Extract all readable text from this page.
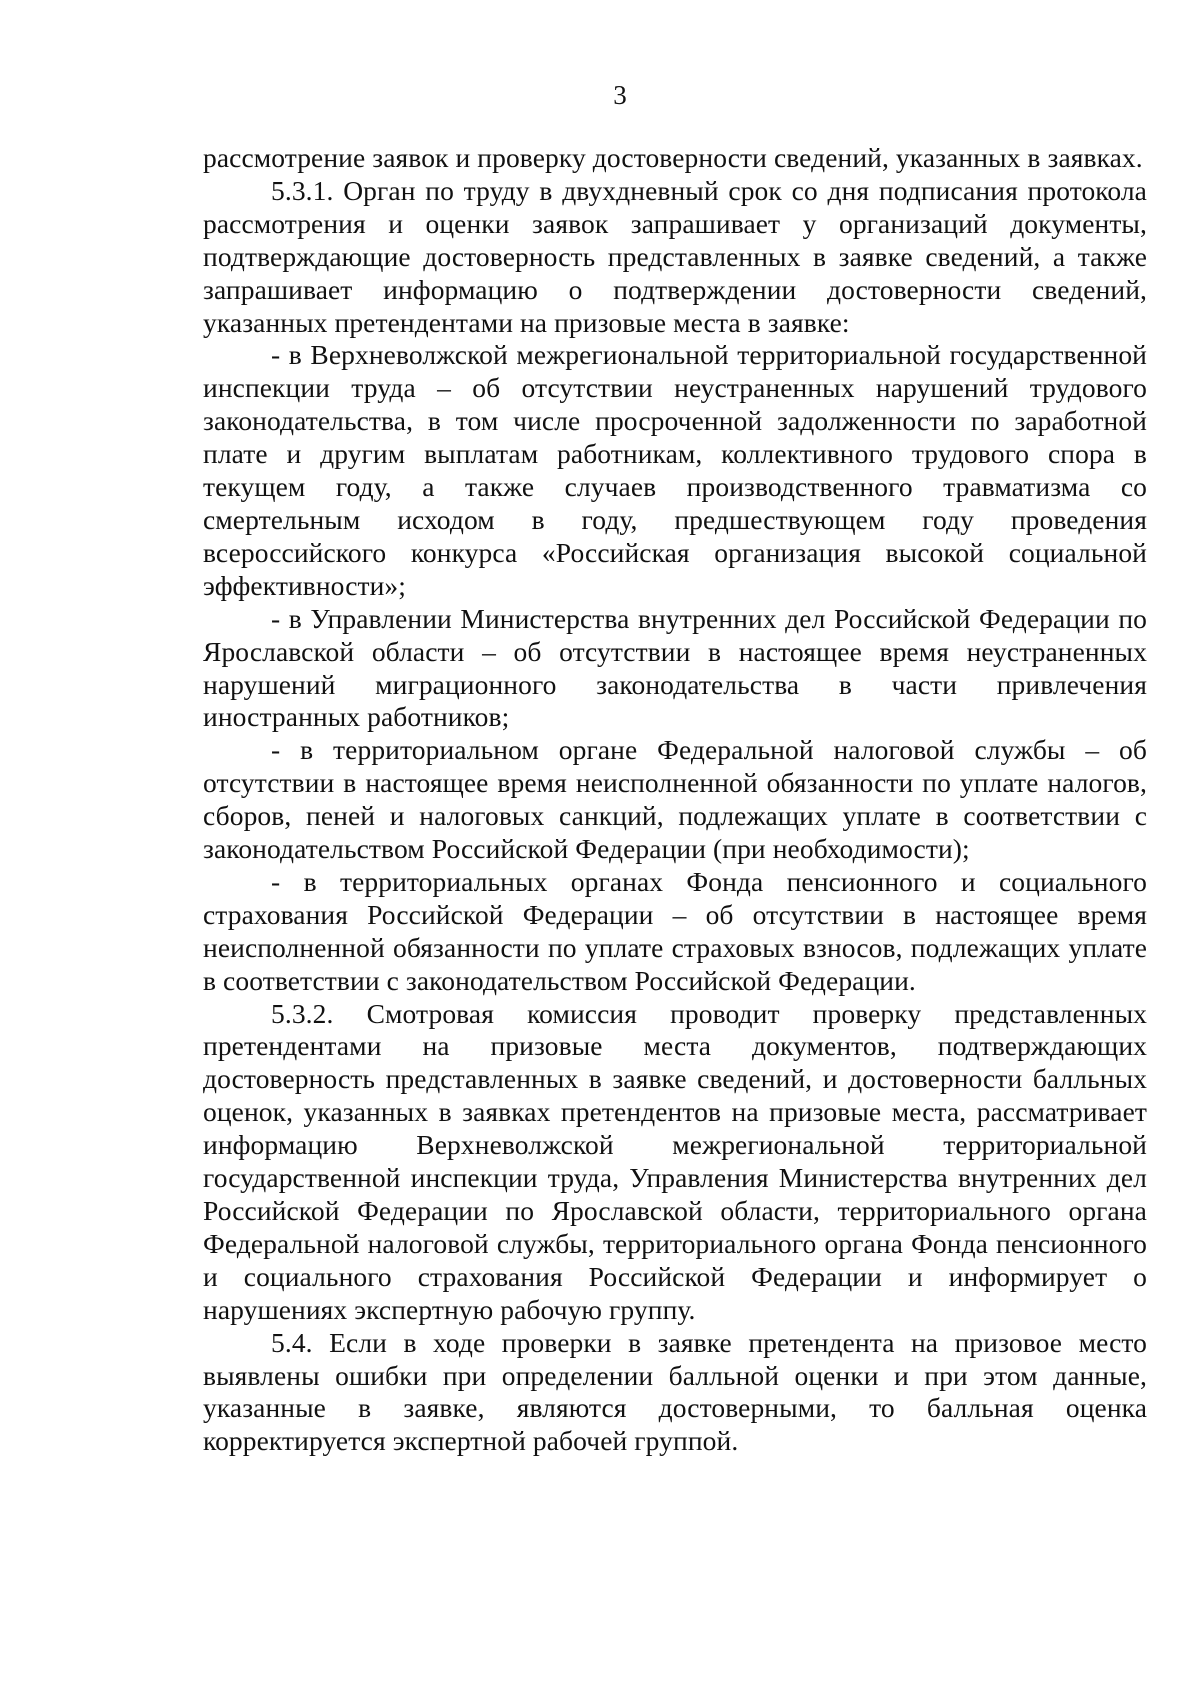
3

рассмотрение заявок и проверку достоверности сведений, указанных в заявках.

5.3.1. Орган по труду в двухдневный срок со дня подписания протокола рассмотрения и оценки заявок запрашивает у организаций документы, подтверждающие достоверность представленных в заявке сведений, а также запрашивает информацию о подтверждении достоверности сведений, указанных претендентами на призовые места в заявке:

- в Верхневолжской межрегиональной территориальной государственной инспекции труда – об отсутствии неустраненных нарушений трудового законодательства, в том числе просроченной задолженности по заработной плате и другим выплатам работникам, коллективного трудового спора в текущем году, а также случаев производственного травматизма со смертельным исходом в году, предшествующем году проведения всероссийского конкурса «Российская организация высокой социальной эффективности»;

- в Управлении Министерства внутренних дел Российской Федерации по Ярославской области – об отсутствии в настоящее время неустраненных нарушений миграционного законодательства в части привлечения иностранных работников;

- в территориальном органе Федеральной налоговой службы – об отсутствии в настоящее время неисполненной обязанности по уплате налогов, сборов, пеней и налоговых санкций, подлежащих уплате в соответствии с законодательством Российской Федерации (при необходимости);

- в территориальных органах Фонда пенсионного и социального страхования Российской Федерации – об отсутствии в настоящее время неисполненной обязанности по уплате страховых взносов, подлежащих уплате в соответствии с законодательством Российской Федерации.

5.3.2. Смотровая комиссия проводит проверку представленных претендентами на призовые места документов, подтверждающих достоверность представленных в заявке сведений, и достоверности балльных оценок, указанных в заявках претендентов на призовые места, рассматривает информацию Верхневолжской межрегиональной территориальной государственной инспекции труда, Управления Министерства внутренних дел Российской Федерации по Ярославской области, территориального органа Федеральной налоговой службы, территориального органа Фонда пенсионного и социального страхования Российской Федерации и информирует о нарушениях экспертную рабочую группу.

5.4. Если в ходе проверки в заявке претендента на призовое место выявлены ошибки при определении балльной оценки и при этом данные, указанные в заявке, являются достоверными, то балльная оценка корректируется экспертной рабочей группой.
